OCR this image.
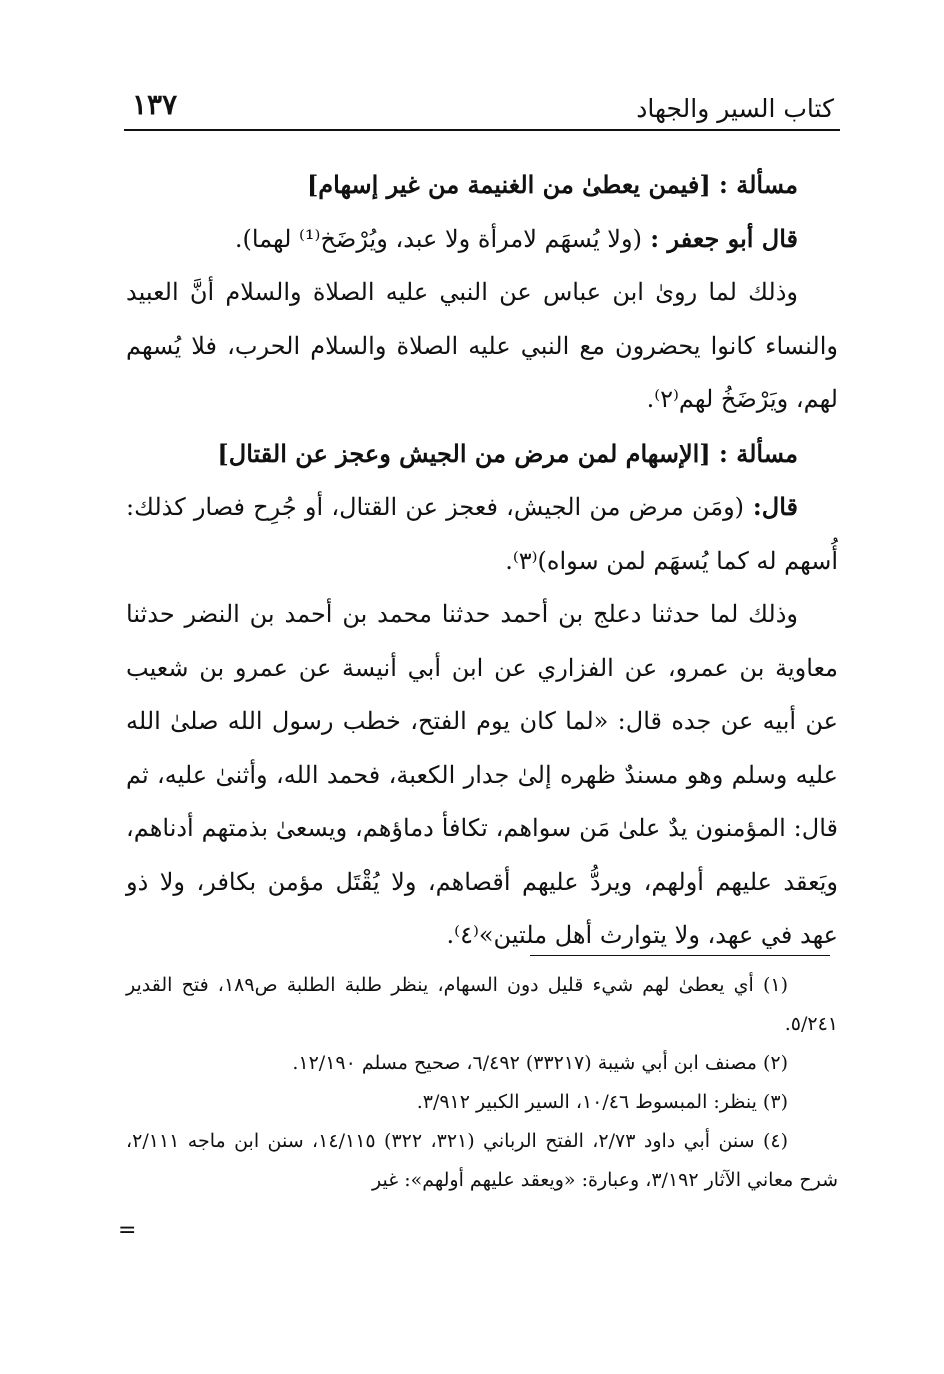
كتاب السير والجهاد
١٣٧

مسألة : [فيمن يعطىٰ من الغنيمة من غير إسهام]

قال أبو جعفر : (ولا يُسهَم لامرأة ولا عبد، ويُرْضَخ⁽¹⁾ لهما).

وذلك لما روىٰ ابن عباس عن النبي عليه الصلاة والسلام أنَّ العبيد والنساء كانوا يحضرون مع النبي عليه الصلاة والسلام الحرب، فلا يُسهم لهم، ويَرْضَخُ لهم⁽٢⁾.

مسألة : [الإسهام لمن مرض من الجيش وعجز عن القتال]

قال: (ومَن مرض من الجيش، فعجز عن القتال، أو جُرِح فصار كذلك: أُسهم له كما يُسهَم لمن سواه)⁽٣⁾.

وذلك لما حدثنا دعلج بن أحمد حدثنا محمد بن أحمد بن النضر حدثنا معاوية بن عمرو، عن الفزاري عن ابن أبي أنيسة عن عمرو بن شعيب عن أبيه عن جده قال: «لما كان يوم الفتح، خطب رسول الله صلىٰ الله عليه وسلم وهو مسندٌ ظهره إلىٰ جدار الكعبة، فحمد الله، وأثنىٰ عليه، ثم قال: المؤمنون يدٌ علىٰ مَن سواهم، تكافأ دماؤهم، ويسعىٰ بذمتهم أدناهم، ويَعقد عليهم أولهم، ويردُّ عليهم أقصاهم، ولا يُقْتَل مؤمن بكافر، ولا ذو عهد في عهد، ولا يتوارث أهل ملتين»⁽٤⁾.

(١) أي يعطىٰ لهم شيء قليل دون السهام، ينظر طلبة الطلبة ص١٨٩، فتح القدير ٥/٢٤١.

(٢) مصنف ابن أبي شيبة (٣٣٢١٧) ٦/٤٩٢، صحيح مسلم ١٢/١٩٠.

(٣) ينظر: المبسوط ١٠/٤٦، السير الكبير ٣/٩١٢.

(٤) سنن أبي داود ٢/٧٣، الفتح الرباني (٣٢١، ٣٢٢) ١٤/١١٥، سنن ابن ماجه ٢/١١١، شرح معاني الآثار ٣/١٩٢، وعبارة: «ويعقد عليهم أولهم»: غير

=
